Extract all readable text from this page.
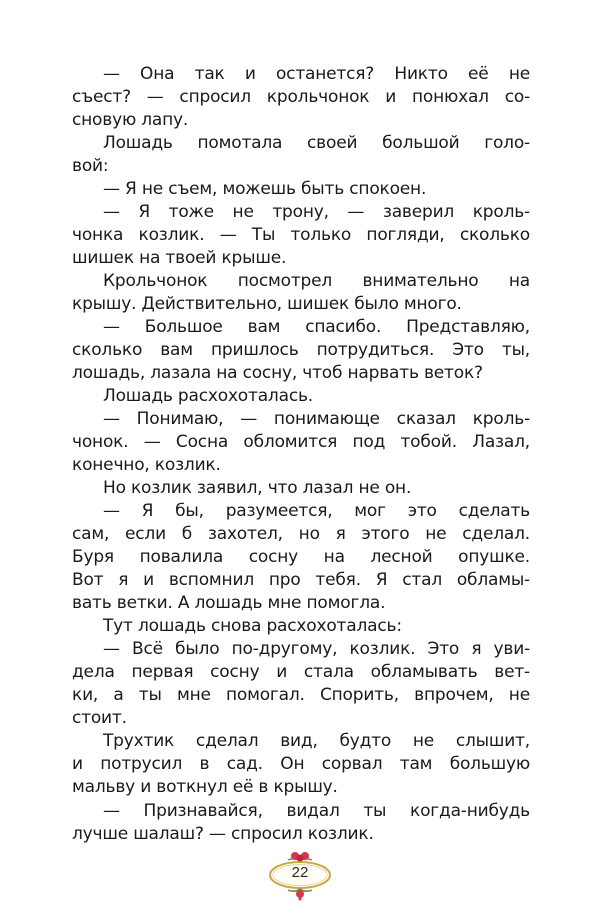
— Она так и останется? Никто её не
съест? — спросил крольчонок и понюхал со-
сновую лапу.
Лошадь помотала своей большой голо-
вой:
— Я не съем, можешь быть спокоен.
— Я тоже не трону, — заверил кроль-
чонка козлик. — Ты только погляди, сколько
шишек на твоей крыше.
Крольчонок посмотрел внимательно на
крышу. Действительно, шишек было много.
— Большое вам спасибо. Представляю,
сколько вам пришлось потрудиться. Это ты,
лошадь, лазала на сосну, чтоб нарвать веток?
Лошадь расхохоталась.
— Понимаю, — понимающе сказал кроль-
чонок. — Сосна обломится под тобой. Лазал,
конечно, козлик.
Но козлик заявил, что лазал не он.
— Я бы, разумеется, мог это сделать
сам, если б захотел, но я этого не сделал.
Буря повалила сосну на лесной опушке.
Вот я и вспомнил про тебя. Я стал обламы-
вать ветки. А лошадь мне помогла.
Тут лошадь снова расхохоталась:
— Всё было по-другому, козлик. Это я уви-
дела первая сосну и стала обламывать вет-
ки, а ты мне помогал. Спорить, впрочем, не
стоит.
Трухтик сделал вид, будто не слышит,
и потрусил в сад. Он сорвал там большую
мальву и воткнул её в крышу.
— Признавайся, видал ты когда-нибудь
лучше шалаш? — спросил козлик.
22
